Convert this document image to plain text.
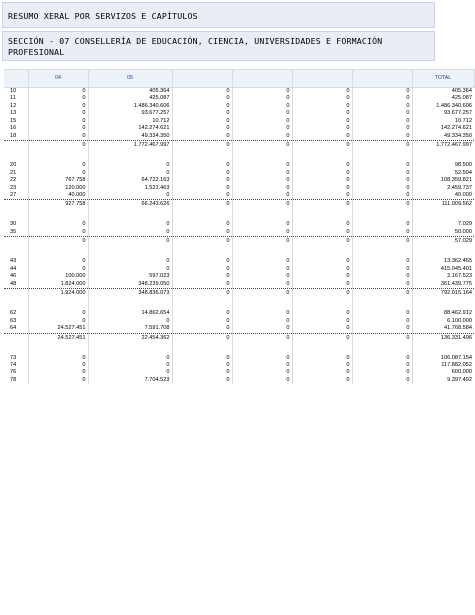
RESUMO XERAL POR SERVIZOS E CAPÍTULOS
SECCIÓN - 07 CONSELLERÍA DE EDUCACIÓN, CIENCIA, UNIVERSIDADES E FORMACIÓN PROFESIONAL
	04	05					TOTAL
10	0	405.364	0	0	0	0	405.364
11	0	425.087	0	0	0	0	425.087
12	0	1.486.340.606	0	0	0	0	1.486.340.606
13	0	93.677.257	0	0	0	0	93.677.257
15	0	10.712	0	0	0	0	10.712
16	0	142.274.621	0	0	0	0	142.274.621
18	0	49.334.350	0	0	0	0	49.334.350
	0	1.772.467.997	0	0	0	0	1.772.467.997

20	0	0	0	0	0	0	98.500
21	0	0	0	0	0	0	52.504
22	767.758	64.722.163	0	0	0	0	108.359.821
23	120.000	1.521.463	0	0	0	0	2.459.737
27	40.000	0	0	0	0	0	40.000
	927.758	66.243.626	0	0	0	0	111.009.562

30	0	0	0	0	0	0	7.029
35	0	0	0	0	0	0	50.000
	0	0	0	0	0	0	57.029

43	0	0	0	0	0	0	13.362.465
44	0	0	0	0	0	0	415.045.401
46	100.000	597.023	0	0	0	0	2.167.523
48	1.824.000	348.239.050	0	0	0	0	361.439.775
	1.924.000	348.836.073	0	0	0	0	792.015.164

62	0	14.862.654	0	0	0	0	88.462.912
63	0	0	0	0	0	0	6.100.000
64	24.527.451	7.591.708	0	0	0	0	41.768.584
	24.527.451	22.454.362	0	0	0	0	136.331.496

73	0	0	0	0	0	0	106.087.154
74	0	0	0	0	0	0	117.882.052
76	0	0	0	0	0	0	600.000
78	0	7.704.523	0	0	0	0	9.397.492
